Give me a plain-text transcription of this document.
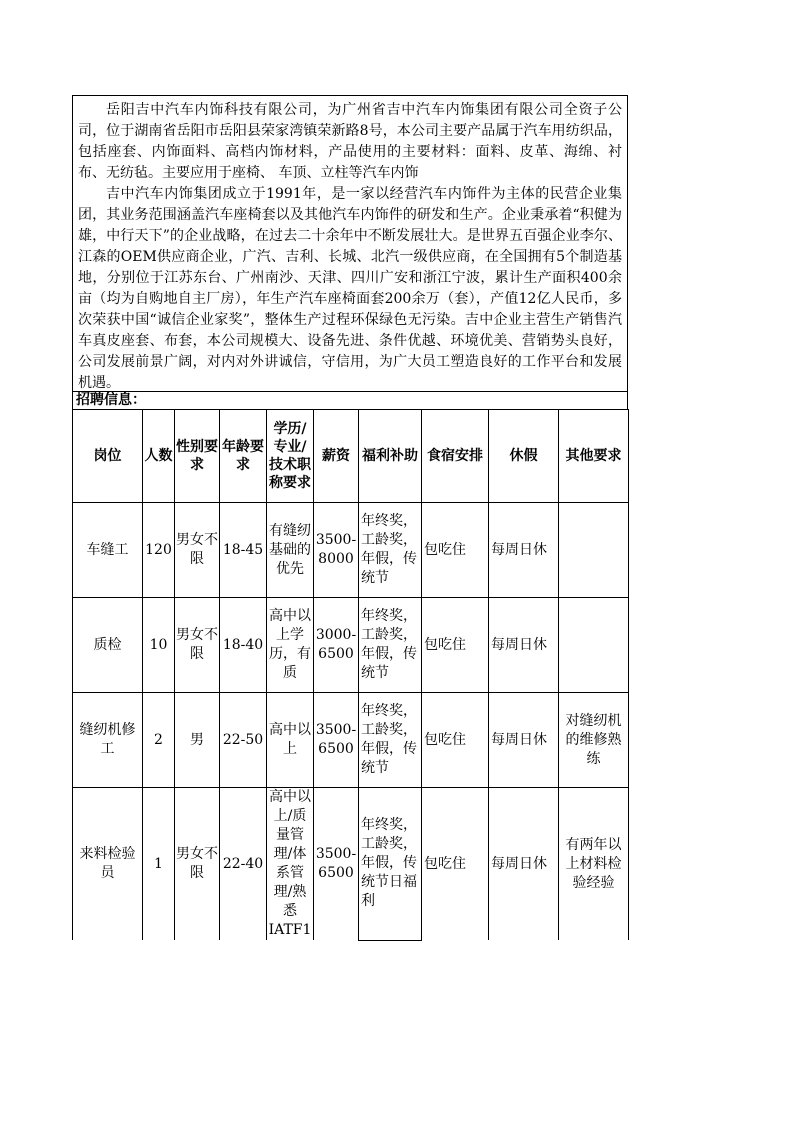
岳阳吉中汽车内饰科技有限公司，为广州省吉中汽车内饰集团有限公司全资子公司，位于湖南省岳阳市岳阳县荣家湾镇荣新路8号，本公司主要产品属于汽车用纺织品，包括座套、内饰面料、高档内饰材料，产品使用的主要材料：面料、皮革、海绵、衬布、无纺毡。主要应用于座椅、 车顶、立柱等汽车内饰

吉中汽车内饰集团成立于1991年，是一家以经营汽车内饰件为主体的民营企业集团，其业务范围涵盖汽车座椅套以及其他汽车内饰件的研发和生产。企业秉承着“积健为雄，中行天下”的企业战略，在过去二十余年中不断发展壮大。是世界五百强企业李尔、江森的OEM供应商企业，广汽、吉利、长城、北汽一级供应商，在全国拥有5个制造基地，分别位于江苏东台、广州南沙、天津、四川广安和浙江宁波，累计生产面积400余亩（均为自购地自主厂房），年生产汽车座椅面套200余万（套），产值12亿人民币，多次荣获中国“诚信企业家奖”，整体生产过程环保绿色无污染。吉中企业主营生产销售汽车真皮座套、布套，本公司规模大、设备先进、条件优越、环境优美、营销势头良好，公司发展前景广阔，对内对外讲诚信，守信用，为广大员工塑造良好的工作平台和发展机遇。

招聘信息：
岗位	人数	性别要求	年龄要求	学历/专业/技术职称要求	薪资	福利补助	食宿安排	休假	其他要求
车缝工	120	男女不限	18-45	有缝纫基础的优先	3500-8000	年终奖，工龄奖，年假，传统节	包吃住	每周日休	
质检	10	男女不限	18-40	高中以上学历，有质	3000-6500	年终奖，工龄奖，年假，传统节	包吃住	每周日休	
缝纫机修工	2	男	22-50	高中以上	3500-6500	年终奖，工龄奖，年假，传统节	包吃住	每周日休	对缝纫机的维修熟练
来料检验员	1	男女不限	22-40	高中以上/质量管理/体系管理/熟悉IATF1	3500-6500	年终奖，工龄奖，年假，传统节日福利	包吃住	每周日休	有两年以上材料检验经验
